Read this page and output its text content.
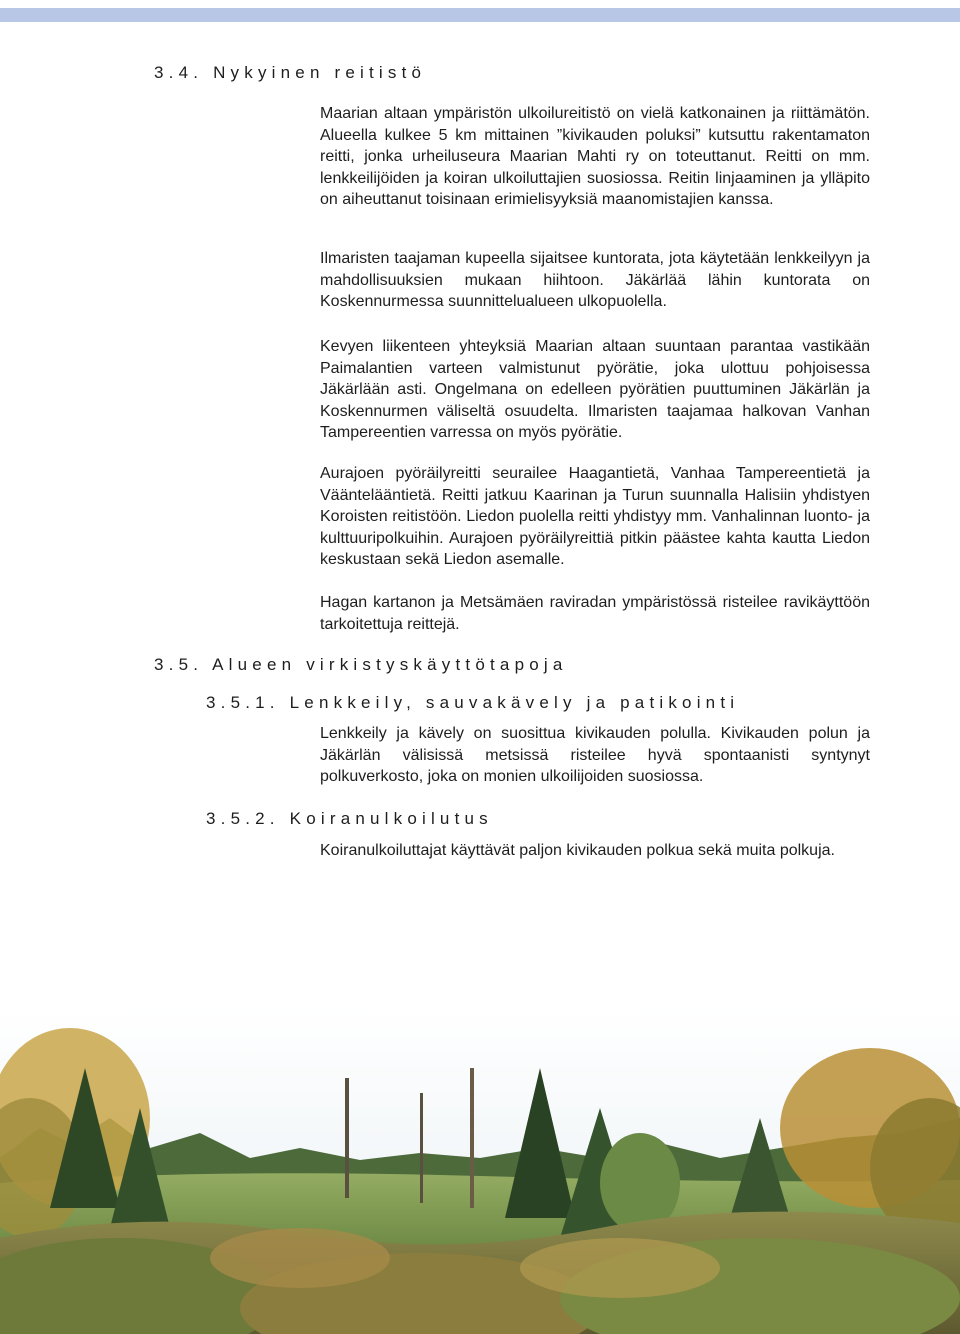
3.4. Nykyinen reitistö

Maarian altaan ympäristön ulkoilureitistö on vielä katkonainen ja riittämätön. Alueella kulkee 5 km mittainen ”kivikauden poluksi” kutsuttu rakentamaton reitti, jonka urheiluseura Maarian Mahti ry on toteuttanut. Reitti on mm. lenkkeilijöiden ja koiran ulkoiluttajien suosiossa. Reitin linjaaminen ja ylläpito on aiheuttanut toisinaan erimielisyyksiä maanomistajien kanssa.

Ilmaristen taajaman kupeella sijaitsee kuntorata, jota käytetään lenkkeilyyn ja mahdollisuuksien mukaan hiihtoon. Jäkärlää lähin kuntorata on Koskennurmessa suunnittelualueen ulkopuolella.

Kevyen liikenteen yhteyksiä Maarian altaan suuntaan parantaa vastikään Paimalantien varteen valmistunut pyörätie, joka ulottuu pohjoisessa Jäkärlään asti. Ongelmana on edelleen pyörätien puuttuminen Jäkärlän ja Koskennurmen väliseltä osuudelta. Ilmaristen taajamaa halkovan Vanhan Tampereentien varressa on myös pyörätie.

Aurajoen pyöräilyreitti seurailee Haagantietä, Vanhaa Tampereentietä ja Vääntelääntietä. Reitti jatkuu Kaarinan ja Turun suunnalla Halisiin yhdistyen Koroisten reitistöön. Liedon puolella reitti yhdistyy mm. Vanhalinnan luonto- ja kulttuuripolkuihin. Aurajoen pyöräilyreittiä pitkin päästee kahta kautta Liedon keskustaan sekä Liedon asemalle.

Hagan kartanon ja Metsämäen raviradan ympäristössä risteilee ravikäyttöön tarkoitettuja reittejä.

3.5. Alueen virkistyskäyttötapoja
3.5.1. Lenkkeily, sauvakävely ja patikointi

Lenkkeily ja kävely on suosittua kivikauden polulla. Kivikauden polun ja Jäkärlän välisissä metsissä risteilee hyvä spontaanisti syntynyt polkuverkosto, joka on monien ulkoilijoiden suosiossa.

3.5.2. Koiranulkoilutus

Koiranulkoiluttajat käyttävät paljon kivikauden polkua sekä muita polkuja.
